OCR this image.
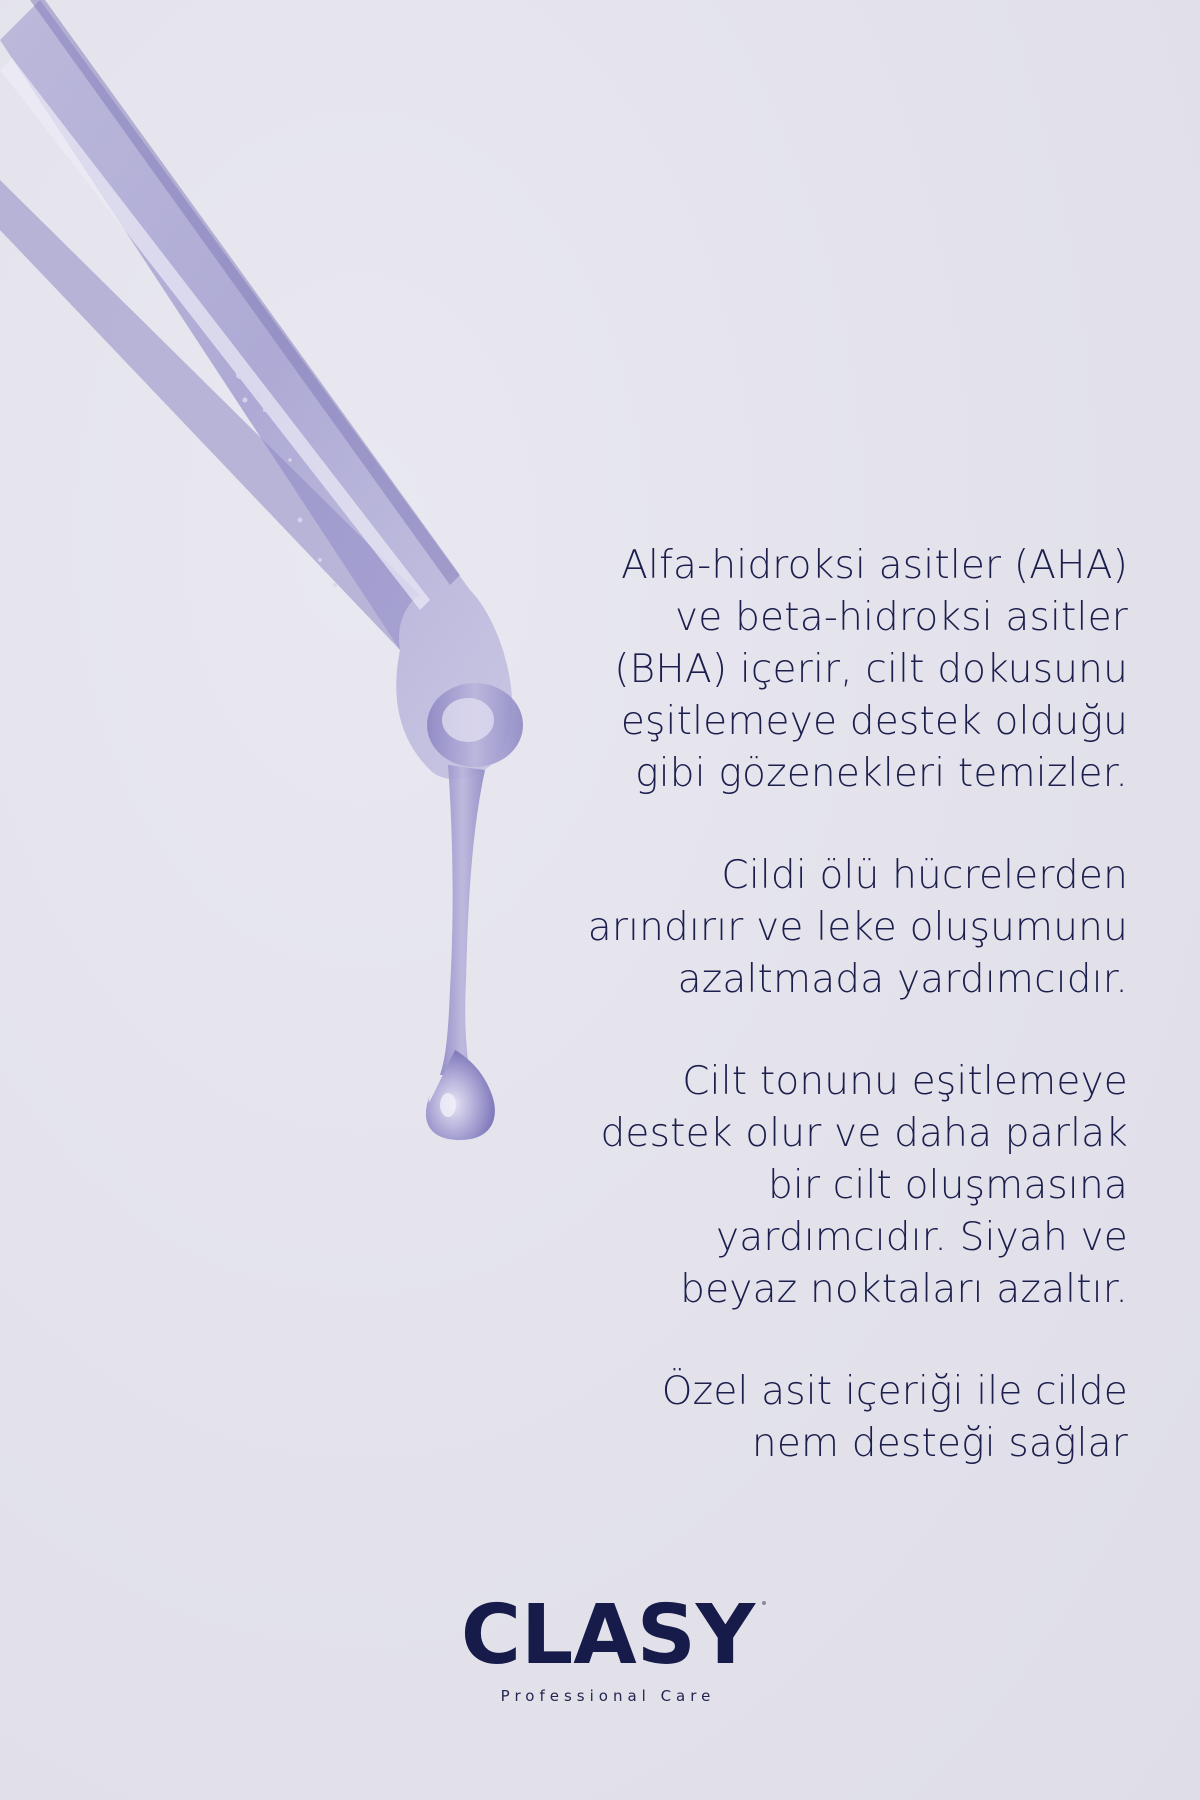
Alfa-hidroksi asitler (AHA)
ve beta-hidroksi asitler
(BHA) içerir, cilt dokusunu
eşitlemeye destek olduğu
gibi gözenekleri temizler.

Cildi ölü hücrelerden
arındırır ve leke oluşumunu
azaltmada yardımcıdır.

Cilt tonunu eşitlemeye
destek olur ve daha parlak
bir cilt oluşmasına
yardımcıdır. Siyah ve
beyaz noktaları azaltır.

Özel asit içeriği ile cilde
nem desteği sağlar

CLASY
Professional Care
